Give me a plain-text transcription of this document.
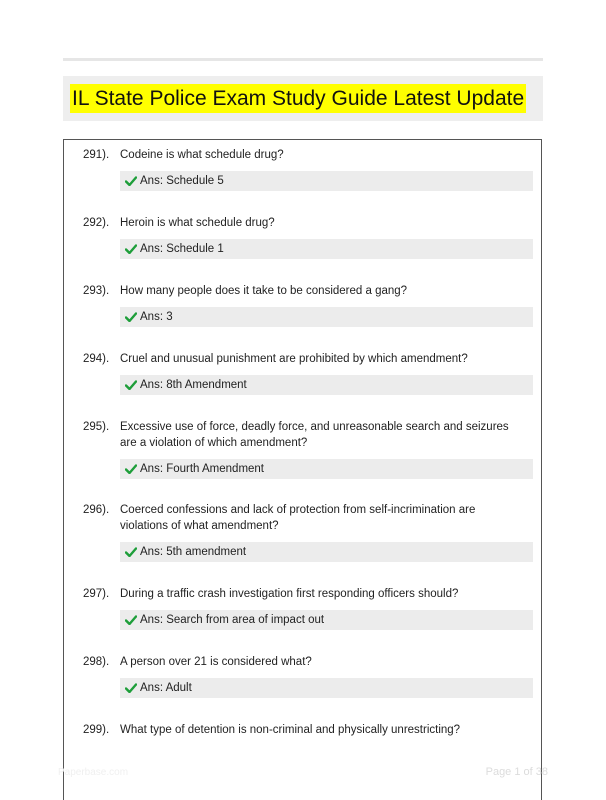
IL State Police Exam Study Guide Latest Update
291). Codeine is what schedule drug?
Ans: Schedule 5
292). Heroin is what schedule drug?
Ans: Schedule 1
293). How many people does it take to be considered a gang?
Ans: 3
294). Cruel and unusual punishment are prohibited by which amendment?
Ans: 8th Amendment
295). Excessive use of force, deadly force, and unreasonable search and seizures are a violation of which amendment?
Ans: Fourth Amendment
296). Coerced confessions and lack of protection from self-incrimination are violations of what amendment?
Ans: 5th amendment
297). During a traffic crash investigation first responding officers should?
Ans: Search from area of impact out
298). A person over 21 is considered what?
Ans: Adult
299). What type of detention is non-criminal and physically unrestricting?
Paperbase.com	Page 1 of 38
